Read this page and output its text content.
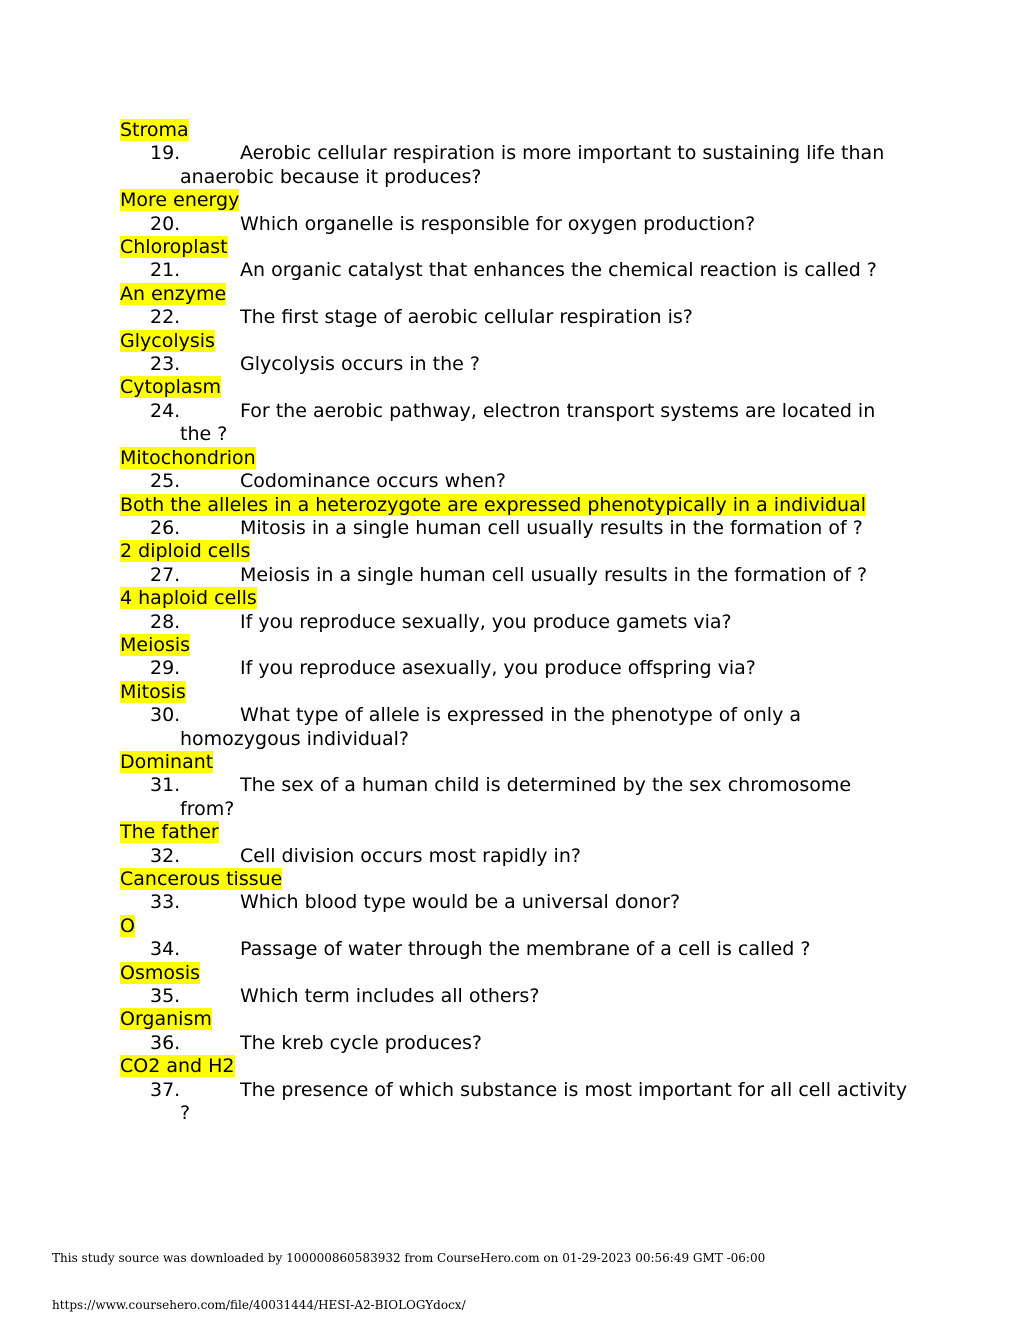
Stroma
19.	Aerobic cellular respiration is more important to sustaining life than anaerobic because it produces?
More energy
20.	Which organelle is responsible for oxygen production?
Chloroplast
21.	An organic catalyst that enhances the chemical reaction is called ?
An enzyme
22.	The first stage of aerobic cellular respiration is?
Glycolysis
23.	Glycolysis occurs in the ?
Cytoplasm
24.	For the aerobic pathway, electron transport systems are located in the ?
Mitochondrion
25.	Codominance occurs when?
Both the alleles in a heterozygote are expressed phenotypically in a individual
26.	Mitosis in a single human cell usually results in the formation of ?
2 diploid cells
27.	Meiosis in a single human cell usually results in the formation of ?
4 haploid cells
28.	If you reproduce sexually, you produce gamets via?
Meiosis
29.	If you reproduce asexually, you produce offspring via?
Mitosis
30.	What type of allele is expressed in the phenotype of only a homozygous individual?
Dominant
31.	The sex of a human child is determined by the sex chromosome from?
The father
32.	Cell division occurs most rapidly in?
Cancerous tissue
33.	Which blood type would be a universal donor?
O
34.	Passage of water through the membrane of a cell is called ?
Osmosis
35.	Which term includes all others?
Organism
36.	The kreb cycle produces?
CO2 and H2
37.	The presence of which substance is most important for all cell activity ?
This study source was downloaded by 100000860583932 from CourseHero.com on 01-29-2023 00:56:49 GMT -06:00
https://www.coursehero.com/file/40031444/HESI-A2-BIOLOGYdocx/
